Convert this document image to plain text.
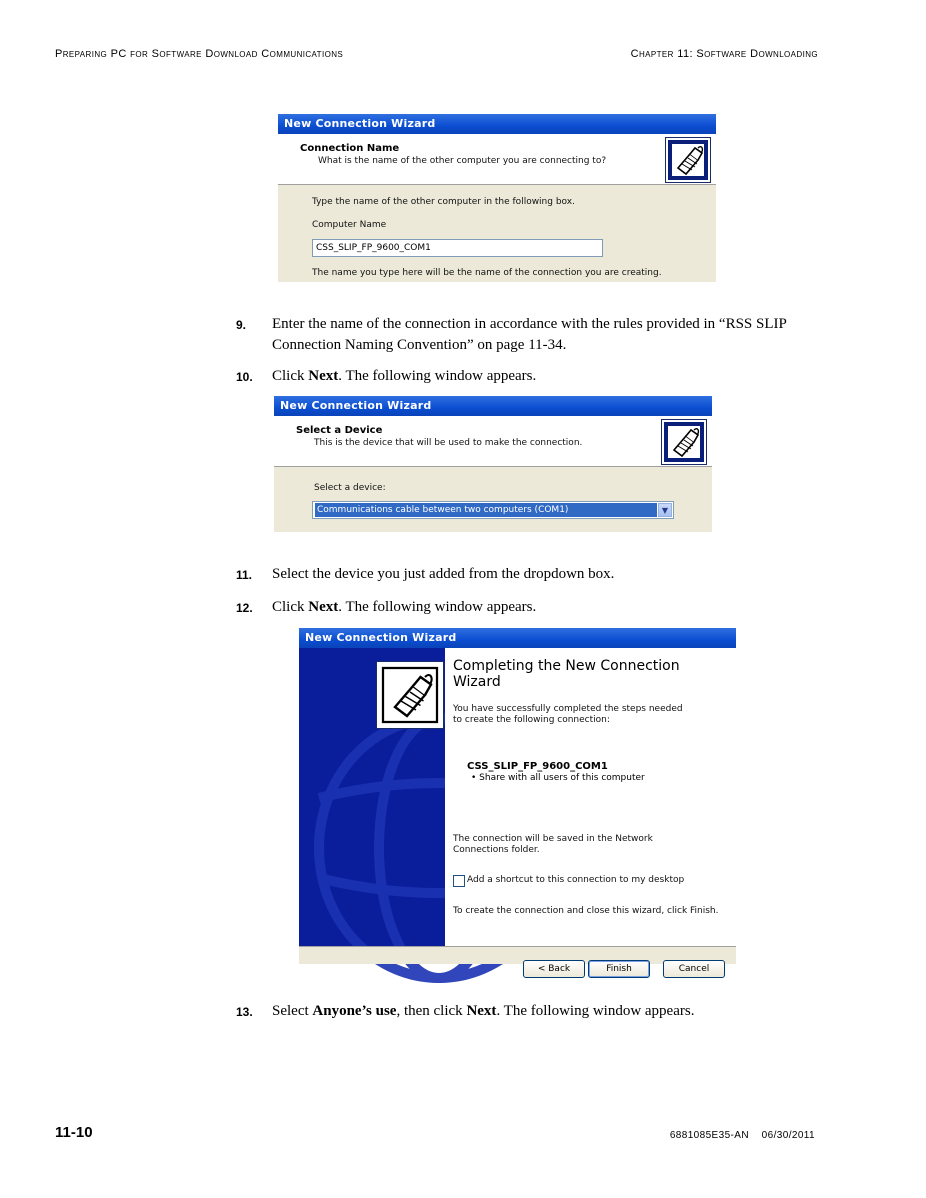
Preparing PC for Software Download Communications	Chapter 11: Software Downloading
New Connection Wizard
Connection Name
What is the name of the other computer you are connecting to?
Type the name of the other computer in the following box.
Computer Name
CSS_SLIP_FP_9600_COM1
The name you type here will be the name of the connection you are creating.
9. Enter the name of the connection in accordance with the rules provided in “RSS SLIP Connection Naming Convention” on page 11-34.
10. Click Next. The following window appears.
New Connection Wizard
Select a Device
This is the device that will be used to make the connection.
Select a device:
Communications cable between two computers (COM1)	▼
11. Select the device you just added from the dropdown box.
12. Click Next. The following window appears.
New Connection Wizard
Completing the New Connection Wizard
You have successfully completed the steps needed to create the following connection:
CSS_SLIP_FP_9600_COM1
• Share with all users of this computer
The connection will be saved in the Network Connections folder.
Add a shortcut to this connection to my desktop
To create the connection and close this wizard, click Finish.
< Back	Finish	Cancel
13. Select Anyone’s use, then click Next. The following window appears.
11-10	6881085E35-AN    06/30/2011
